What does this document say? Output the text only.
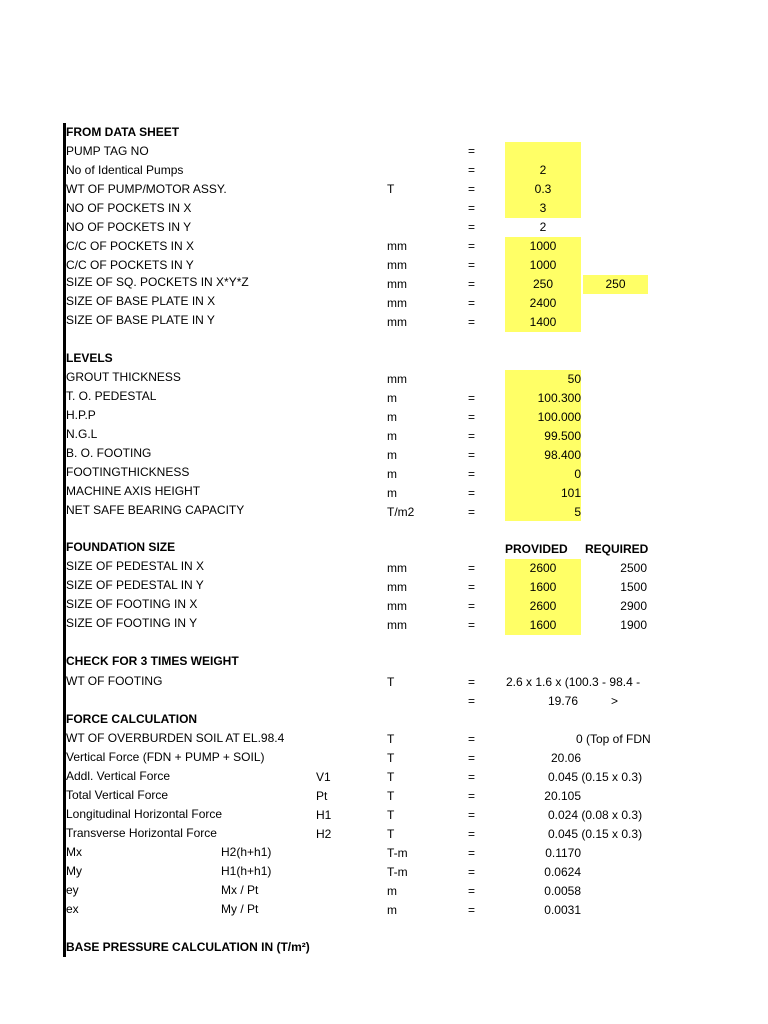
FROM DATA SHEET
PUMP TAG NO	=
No of Identical Pumps	=	2
WT OF PUMP/MOTOR ASSY.	T	=	0.3
NO OF POCKETS IN X	=	3
NO OF POCKETS IN Y	=	2
C/C OF POCKETS IN X	mm	=	1000
C/C OF POCKETS IN Y	mm	=	1000
SIZE OF SQ. POCKETS IN X*Y*Z	mm	=	250	250
SIZE OF BASE PLATE IN X	mm	=	2400
SIZE OF BASE PLATE IN Y	mm	=	1400
LEVELS
GROUT THICKNESS	mm	50
T. O. PEDESTAL	m	=	100.300
H.P.P	m	=	100.000
N.G.L	m	=	99.500
B. O. FOOTING	m	=	98.400
FOOTINGTHICKNESS	m	=	0
MACHINE AXIS HEIGHT	m	=	101
NET SAFE BEARING CAPACITY	T/m2	=	5
FOUNDATION SIZE	PROVIDED REQUIRED
SIZE OF PEDESTAL IN X	mm	=	2600	2500
SIZE OF PEDESTAL IN Y	mm	=	1600	1500
SIZE OF FOOTING IN X	mm	=	2600	2900
SIZE OF FOOTING IN Y	mm	=	1600	1900
CHECK FOR 3 TIMES WEIGHT
WT OF FOOTING	T	=	2.6 x 1.6 x (100.3 - 98.4 -
=	19.76	>
FORCE CALCULATION
WT OF OVERBURDEN SOIL AT EL.98.4	T	=	0 (Top of FDN
Vertical Force (FDN + PUMP + SOIL)	T	=	20.06
Addl. Vertical Force	V1	T	=	0.045 (0.15 x 0.3)
Total Vertical Force	Pt	T	=	20.105
Longitudinal Horizontal Force	H1	T	=	0.024 (0.08 x 0.3)
Transverse Horizontal Force	H2	T	=	0.045 (0.15 x 0.3)
Mx	H2(h+h1)	T-m	=	0.1170
My	H1(h+h1)	T-m	=	0.0624
ey	Mx / Pt	m	=	0.0058
ex	My / Pt	m	=	0.0031
BASE PRESSURE CALCULATION IN (T/m²)
